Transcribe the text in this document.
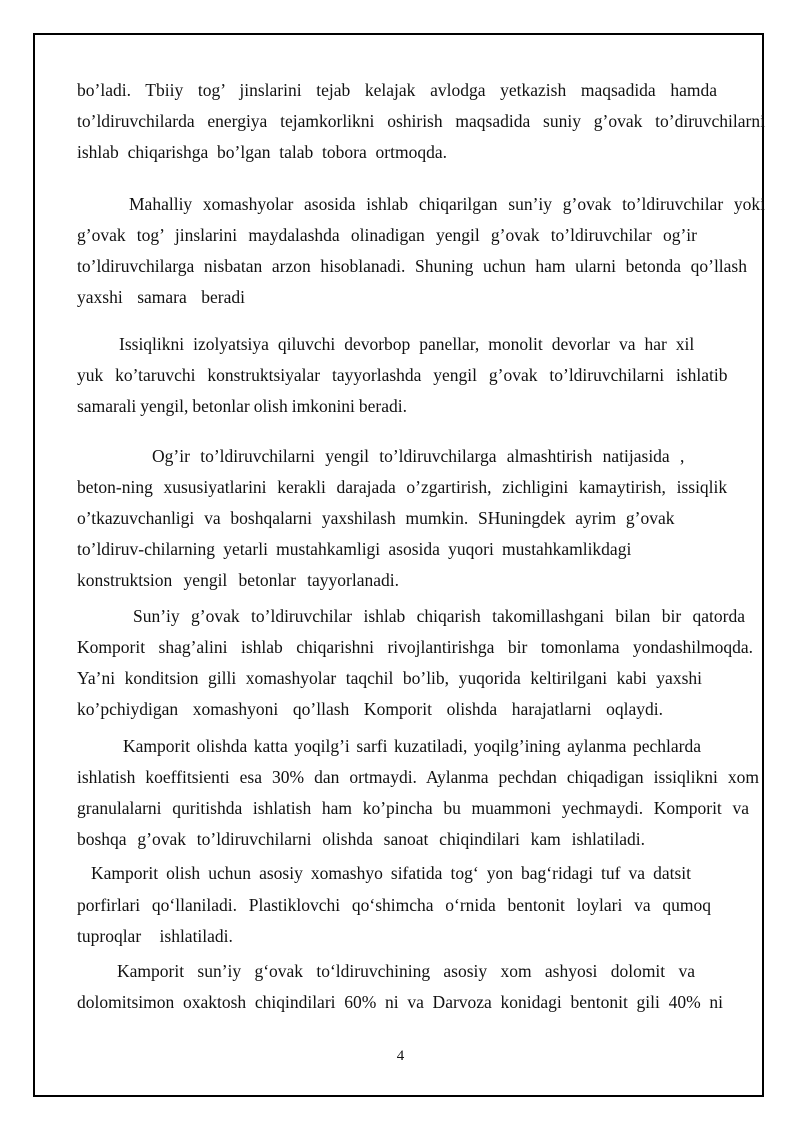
bo’ladi. Tbiiy tog’ jinslarini tejab kelajak avlodga yetkazish maqsadida hamda
to’ldiruvchilarda energiya tejamkorlikni oshirish maqsadida suniy g’ovak to’diruvchilarni
ishlab chiqarishga bo’lgan talab tobora ortmoqda.
Mahalliy xomashyolar asosida ishlab chiqarilgan sun’iy g’ovak to’ldiruvchilar yoki
g’ovak tog’ jinslarini maydalashda olinadigan yengil g’ovak to’ldiruvchilar og’ir
to’ldiruvchilarga nisbatan arzon hisoblanadi. Shuning uchun ham ularni betonda qo’llash
yaxshi samara beradi
Issiqlikni izolyatsiya qiluvchi devorbop panellar, monolit devorlar va har xil
yuk ko’taruvchi konstruktsiyalar tayyorlashda yengil g’ovak to’ldiruvchilarni ishlatib
samarali yengil, betonlar olish imkonini beradi.
Og’ir to’ldiruvchilarni yengil to’ldiruvchilarga almashtirish natijasida ,
beton-ning xususiyatlarini kerakli darajada o’zgartirish, zichligini kamaytirish, issiqlik
o’tkazuvchanligi va boshqalarni yaxshilash mumkin. SHuningdek ayrim g’ovak
to’ldiruv-chilarning yetarli mustahkamligi asosida yuqori mustahkamlikdagi
konstruktsion yengil betonlar tayyorlanadi.
Sun’iy g’ovak to’ldiruvchilar ishlab chiqarish takomillashgani bilan bir qatorda
Komporit shag’alini ishlab chiqarishni rivojlantirishga bir tomonlama yondashilmoqda.
Ya’ni konditsion gilli xomashyolar taqchil bo’lib, yuqorida keltirilgani kabi yaxshi
ko’pchiydigan xomashyoni qo’llash Komporit olishda harajatlarni oqlaydi.
Kamporit olishda katta yoqilg’i sarfi kuzatiladi, yoqilg’ining aylanma pechlarda
ishlatish koeffitsienti esa 30% dan ortmaydi. Aylanma pechdan chiqadigan issiqlikni xom
granulalarni quritishda ishlatish ham ko’pincha bu muammoni yechmaydi. Komporit va
boshqa g’ovak to’ldiruvchilarni olishda sanoat chiqindilari kam ishlatiladi.
Kamporit olish uchun asosiy xomashyo sifatida tog‘ yon bag‘ridagi tuf va datsit
porfirlari qo‘llaniladi. Plastiklovchi qo‘shimcha o‘rnida bentonit loylari va qumoq
tuproqlar ishlatiladi.
Kamporit sun’iy g‘ovak to‘ldiruvchining asosiy xom ashyosi dolomit va
dolomitsimon oxaktosh chiqindilari 60% ni va Darvoza konidagi bentonit gili 40% ni
4
